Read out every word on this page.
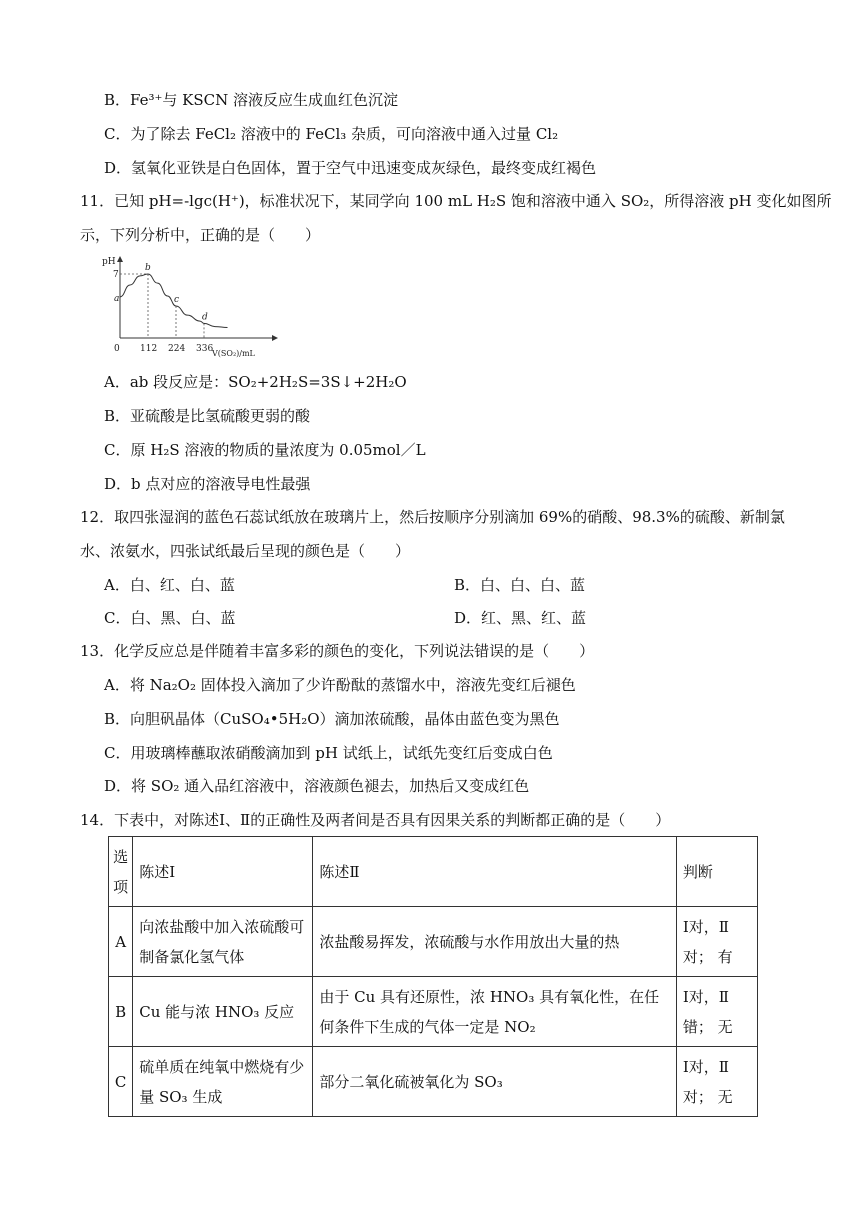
B．Fe³⁺与 KSCN 溶液反应生成血红色沉淀
C．为了除去 FeCl₂ 溶液中的 FeCl₃ 杂质，可向溶液中通入过量 Cl₂
D．氢氧化亚铁是白色固体，置于空气中迅速变成灰绿色，最终变成红褐色
11．已知 pH=-lgc(H⁺)，标准状况下，某同学向 100 mL H₂S 饱和溶液中通入 SO₂，所得溶液 pH 变化如图所
示，下列分析中，正确的是（　　）
pH
V(SO₂)/mL
0 112 224 336
7
a
b
c
d
A．ab 段反应是：SO₂+2H₂S=3S↓+2H₂O
B．亚硫酸是比氢硫酸更弱的酸
C．原 H₂S 溶液的物质的量浓度为 0.05mol／L
D．b 点对应的溶液导电性最强
12．取四张湿润的蓝色石蕊试纸放在玻璃片上，然后按顺序分别滴加 69%的硝酸、98.3%的硫酸、新制氯
水、浓氨水，四张试纸最后呈现的颜色是（　　）
A．白、红、白、蓝	B．白、白、白、蓝
C．白、黑、白、蓝	D．红、黑、红、蓝
13．化学反应总是伴随着丰富多彩的颜色的变化，下列说法错误的是（　　）
A．将 Na₂O₂ 固体投入滴加了少许酚酞的蒸馏水中，溶液先变红后褪色
B．向胆矾晶体（CuSO₄•5H₂O）滴加浓硫酸，晶体由蓝色变为黑色
C．用玻璃棒蘸取浓硝酸滴加到 pH 试纸上，试纸先变红后变成白色
D．将 SO₂ 通入品红溶液中，溶液颜色褪去，加热后又变成红色
14．下表中，对陈述Ⅰ、Ⅱ的正确性及两者间是否具有因果关系的判断都正确的是（　　）
选项	陈述Ⅰ	陈述Ⅱ	判断

A	向浓盐酸中加入浓硫酸可制备氯化氢气体	浓盐酸易挥发，浓硫酸与水作用放出大量的热	Ⅰ对，Ⅱ对； 有

B	Cu 能与浓 HNO₃ 反应	由于 Cu 具有还原性，浓 HNO₃ 具有氧化性，在任何条件下生成的气体一定是 NO₂	Ⅰ对，Ⅱ错； 无

C	硫单质在纯氧中燃烧有少量 SO₃ 生成	部分二氧化硫被氧化为 SO₃	Ⅰ对，Ⅱ对； 无
